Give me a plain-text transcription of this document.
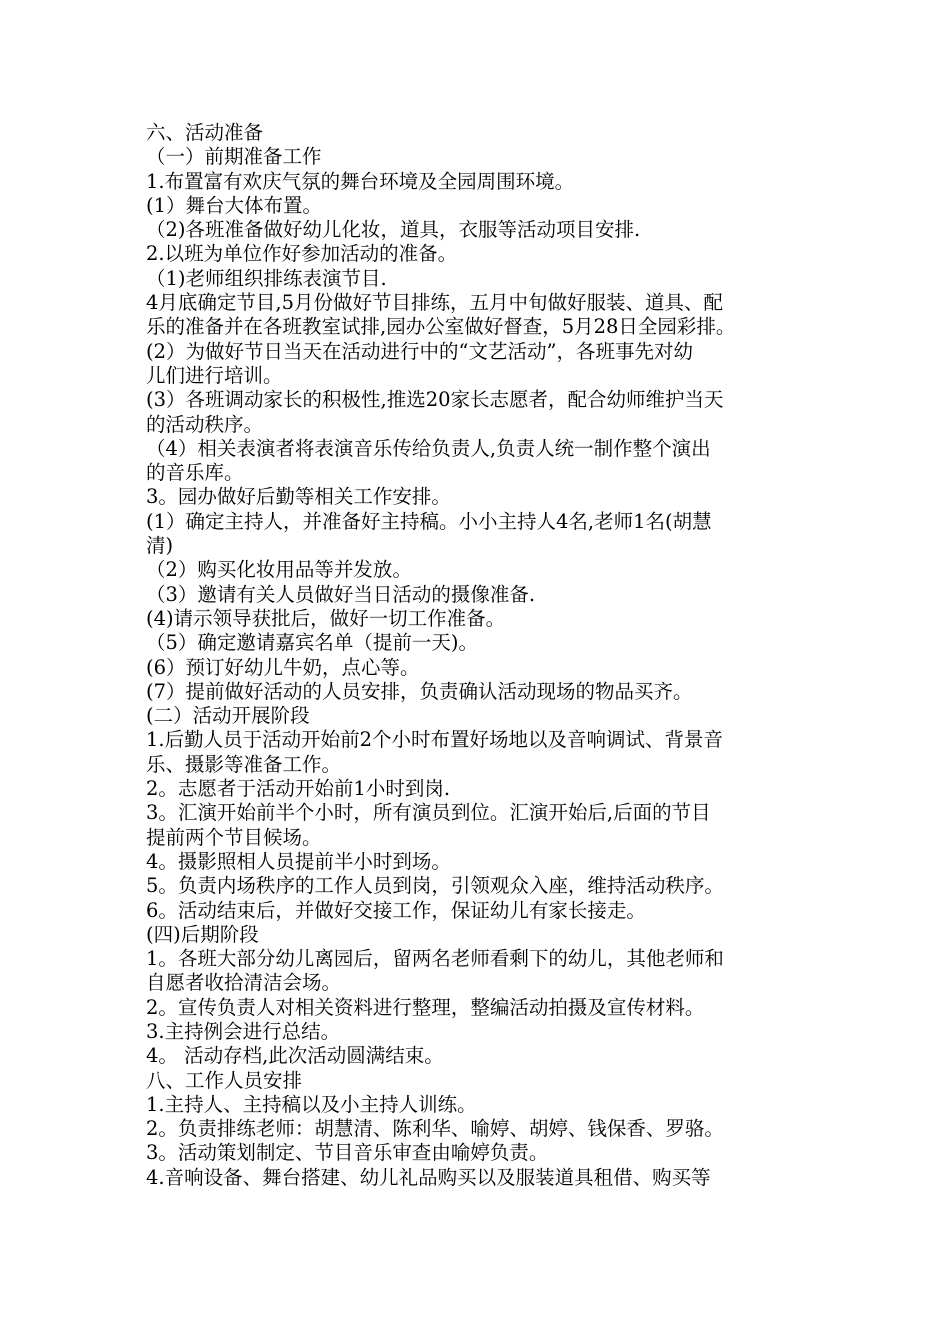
六、活动准备

（一）前期准备工作

1.布置富有欢庆气氛的舞台环境及全园周围环境。

(1）舞台大体布置。

（2)各班准备做好幼儿化妆，道具，衣服等活动项目安排.

2.以班为单位作好参加活动的准备。

（1)老师组织排练表演节目.

4月底确定节目,5月份做好节目排练，五月中旬做好服装、道具、配

乐的准备并在各班教室试排,园办公室做好督查，5月28日全园彩排。

(2）为做好节日当天在活动进行中的“文艺活动”，各班事先对幼

儿们进行培训。

(3）各班调动家长的积极性,推选20家长志愿者，配合幼师维护当天

的活动秩序。

（4）相关表演者将表演音乐传给负责人,负责人统一制作整个演出

的音乐库。

3。园办做好后勤等相关工作安排。

(1）确定主持人，并准备好主持稿。小小主持人4名,老师1名(胡慧

清)

（2）购买化妆用品等并发放。

（3）邀请有关人员做好当日活动的摄像准备.

(4)请示领导获批后，做好一切工作准备。

（5）确定邀请嘉宾名单（提前一天)。

(6）预订好幼儿牛奶，点心等。

(7）提前做好活动的人员安排，负责确认活动现场的物品买齐。

(二）活动开展阶段

1.后勤人员于活动开始前2个小时布置好场地以及音响调试、背景音

乐、摄影等准备工作。

2。志愿者于活动开始前1小时到岗.

3。汇演开始前半个小时，所有演员到位。汇演开始后,后面的节目

提前两个节目候场。

4。摄影照相人员提前半小时到场。

5。负责内场秩序的工作人员到岗，引领观众入座，维持活动秩序。

6。活动结束后，并做好交接工作，保证幼儿有家长接走。

(四)后期阶段

1。各班大部分幼儿离园后，留两名老师看剩下的幼儿，其他老师和

自愿者收拾清洁会场。

2。宣传负责人对相关资料进行整理，整编活动拍摄及宣传材料。

3.主持例会进行总结。

4。 活动存档,此次活动圆满结束。

八、工作人员安排

1.主持人、主持稿以及小主持人训练。

2。负责排练老师：胡慧清、陈利华、喻婷、胡婷、钱保香、罗骆。

3。活动策划制定、节目音乐审查由喻婷负责。

4.音响设备、舞台搭建、幼儿礼品购买以及服装道具租借、购买等
